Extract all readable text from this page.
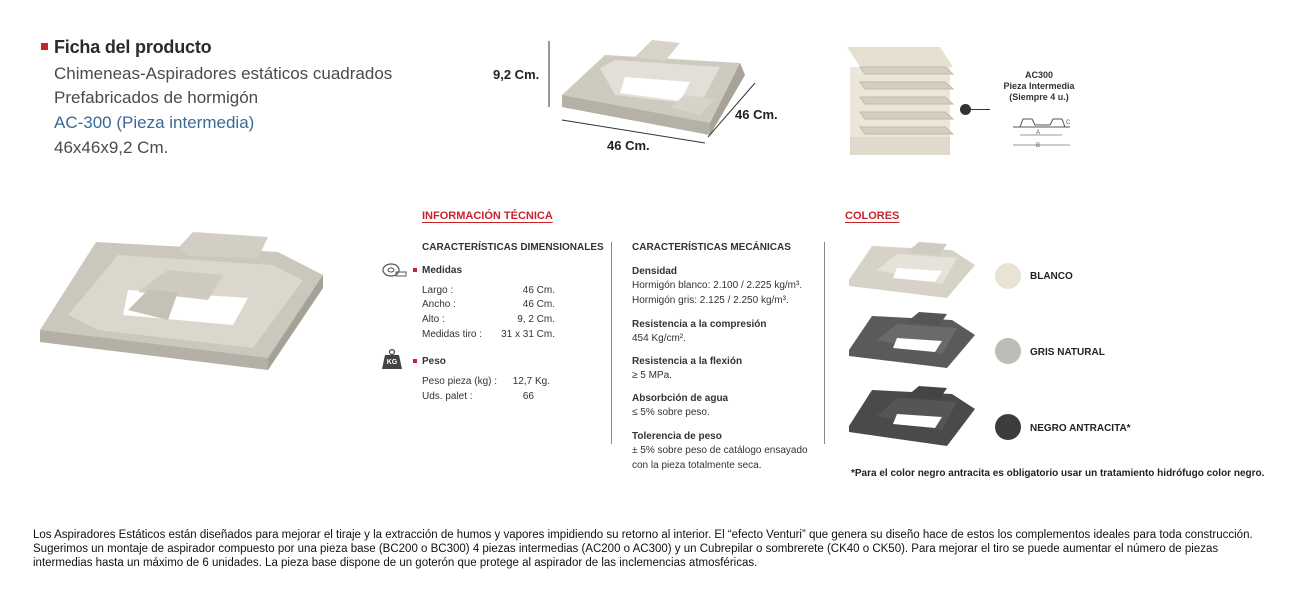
Ficha del producto
Chimeneas-Aspiradores estáticos cuadrados
Prefabricados de hormigón
AC-300 (Pieza intermedia)
46x46x9,2 Cm.
9,2 Cm.
46 Cm.
46 Cm.
AC300
Pieza Intermedia
(Siempre 4 u.)
A
B
C
INFORMACIÓN TÉCNICA
CARACTERÍSTICAS DIMENSIONALES
Medidas
Largo :	46 Cm.
Ancho :	46 Cm.
Alto :	9, 2 Cm.
Medidas tiro : 31 x 31 Cm.
KG	Peso
Peso pieza (kg) : 12,7 Kg.
Uds. palet :	66
CARACTERÍSTICAS MECÁNICAS
Densidad
Hormigón blanco: 2.100 / 2.225 kg/m³.
Hormigón gris: 2.125 / 2.250 kg/m³.
Resistencia a la compresión
454 Kg/cm².
Resistencia a la flexión
≥ 5 MPa.
Absorbción de agua
≤ 5% sobre peso.
Tolerencia de peso
± 5% sobre peso de catálogo ensayado
con la pieza totalmente seca.
COLORES
BLANCO
GRIS NATURAL
NEGRO ANTRACITA*
*Para el color negro antracita es obligatorio usar un tratamiento hidrófugo color negro.
Los Aspiradores Estáticos están diseñados para mejorar el tiraje y la extracción de humos y vapores impidiendo su retorno al interior. El “efecto Venturi” que genera su diseño hace de estos los complementos ideales para toda construcción. Sugerimos un montaje de aspirador compuesto por una pieza base (BC200 o BC300) 4 piezas intermedias (AC200 o AC300) y un Cubrepilar o sombrerete (CK40 o CK50). Para mejorar el tiro se puede aumentar el número de piezas intermedias hasta un máximo de 6 unidades. La pieza base dispone de un goterón que protege al aspirador de las inclemencias atmosféricas.
